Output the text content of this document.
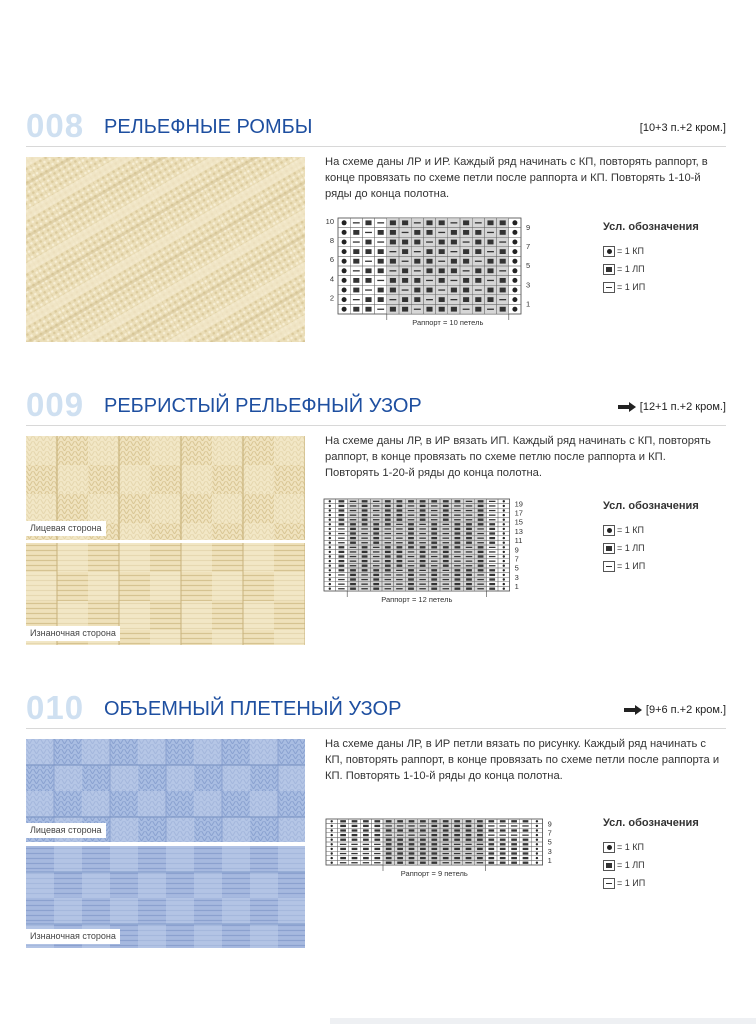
008 РЕЛЬЕФНЫЕ РОМБЫ	[10+3 п.+2 кром.]
На схеме даны ЛР и ИР. Каждый ряд начинать с КП, повторять раппорт, в конце провязать по схеме петли после раппорта и КП. Повторять 1-10-й ряды до конца полотна.
Раппорт = 10 петель
9
7
5
3
1
10
8
6
4
2
Усл. обозначения
= 1 КП
= 1 ЛП
= 1 ИП
009 РЕБРИСТЫЙ РЕЛЬЕФНЫЙ УЗОР	[12+1 п.+2 кром.]
Лицевая сторона
Изнаночная сторона
На схеме даны ЛР, в ИР вязать ИП. Каждый ряд начинать с КП, повторять раппорт, в конце провязать по схеме петлю после раппорта и КП. Повторять 1-20-й ряды до конца полотна.
Раппорт = 12 петель
19
17
15
13
11
9
7
5
3
1
Усл. обозначения
= 1 КП
= 1 ЛП
= 1 ИП
010 ОБЪЕМНЫЙ ПЛЕТЕНЫЙ УЗОР	[9+6 п.+2 кром.]
Лицевая сторона
Изнаночная сторона
На схеме даны ЛР, в ИР петли вязать по рисунку. Каждый ряд начинать с КП, повторять раппорт, в конце провязать по схеме петли после раппорта и КП. Повторять 1-10-й ряды до конца полотна.
Раппорт = 9 петель
9
7
5
3
1
Усл. обозначения
= 1 КП
= 1 ЛП
= 1 ИП
